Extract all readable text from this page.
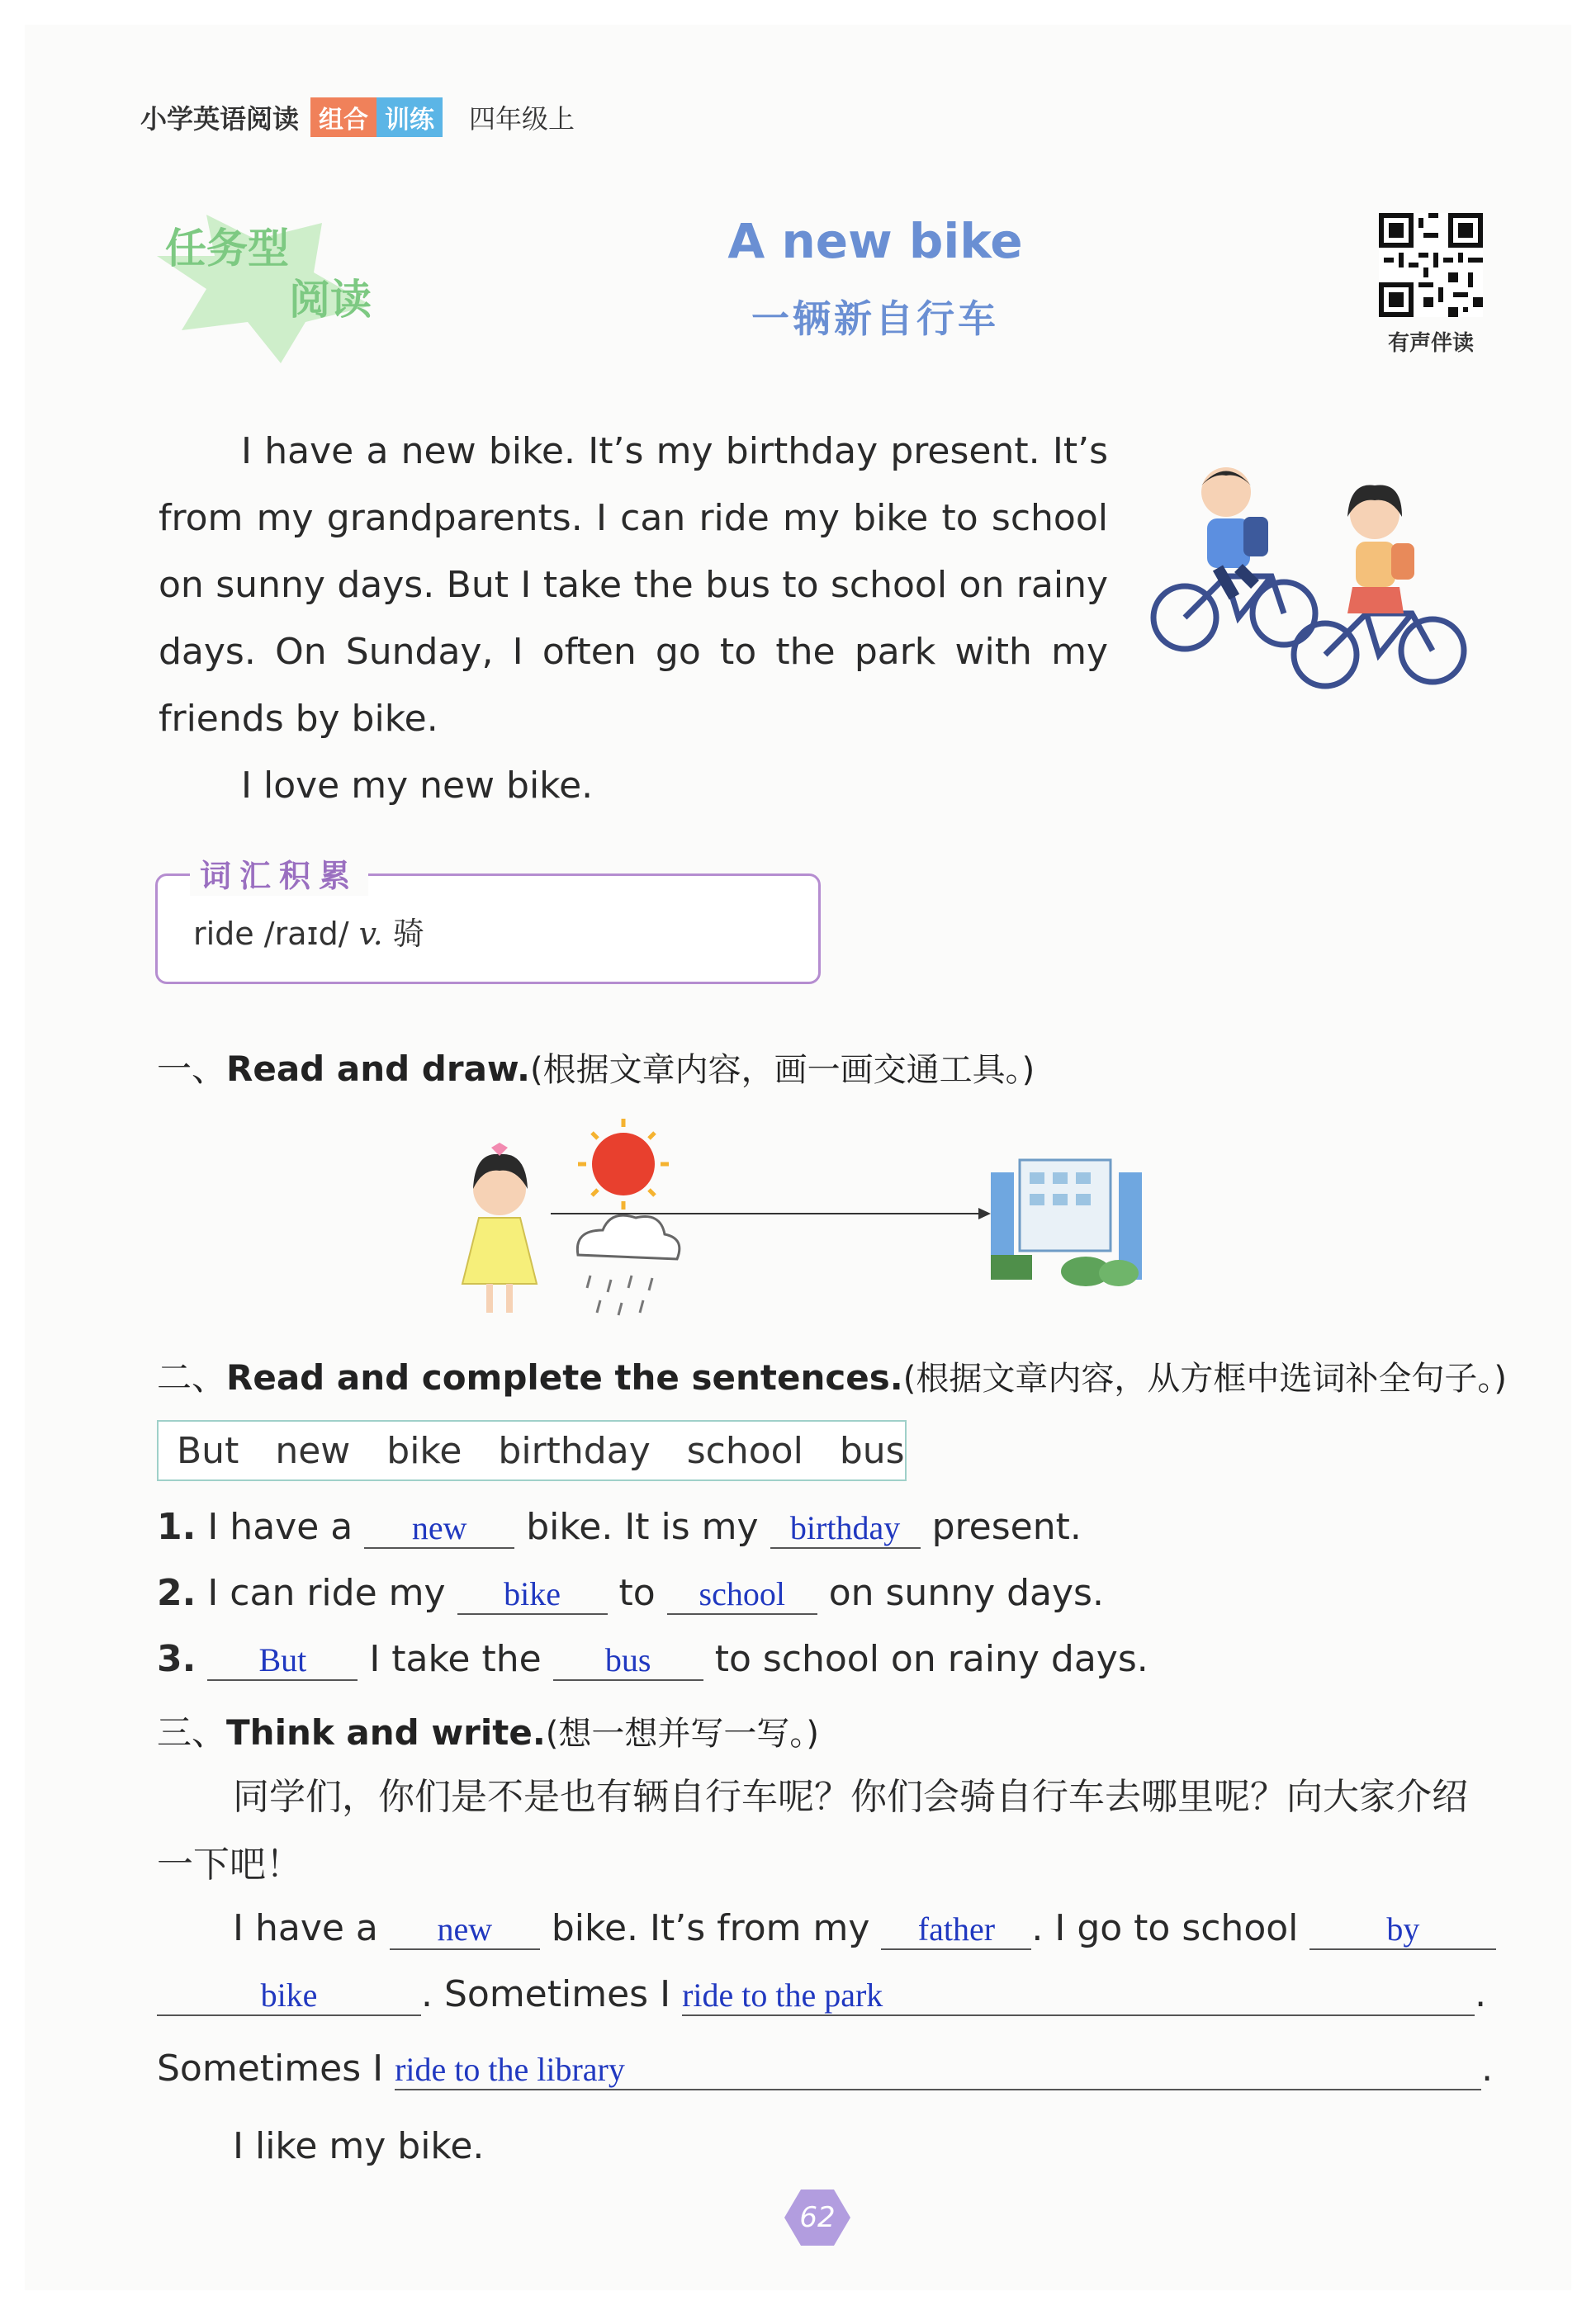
小学英语阅读 组合 训练	四年级上
任务型
阅读
A new bike
一辆新自行车
有声伴读

I have a new bike. It’s my birthday present. It’s from my grandparents. I can ride my bike to school on sunny days. But I take the bus to school on rainy days. On Sunday, I often go to the park with my friends by bike.

I love my new bike.

词汇积累
ride /raɪd/ v. 骑
一、Read and draw.(根据文章内容，画一画交通工具。)
二、Read and complete the sentences.(根据文章内容，从方框中选词补全句子。)
But new bike birthday school bus
1. I have a new bike. It is my birthday present.
2. I can ride my bike to school on sunny days.
3. But I take the bus to school on rainy days.
三、Think and write.(想一想并写一写。)
同学们，你们是不是也有辆自行车呢？你们会骑自行车去哪里呢？向大家介绍一下吧！
I have a new bike. It’s from my father . I go to school	by
bike	. Sometimes I ride to the park	.
Sometimes I ride to the library	.
I like my bike.
62
